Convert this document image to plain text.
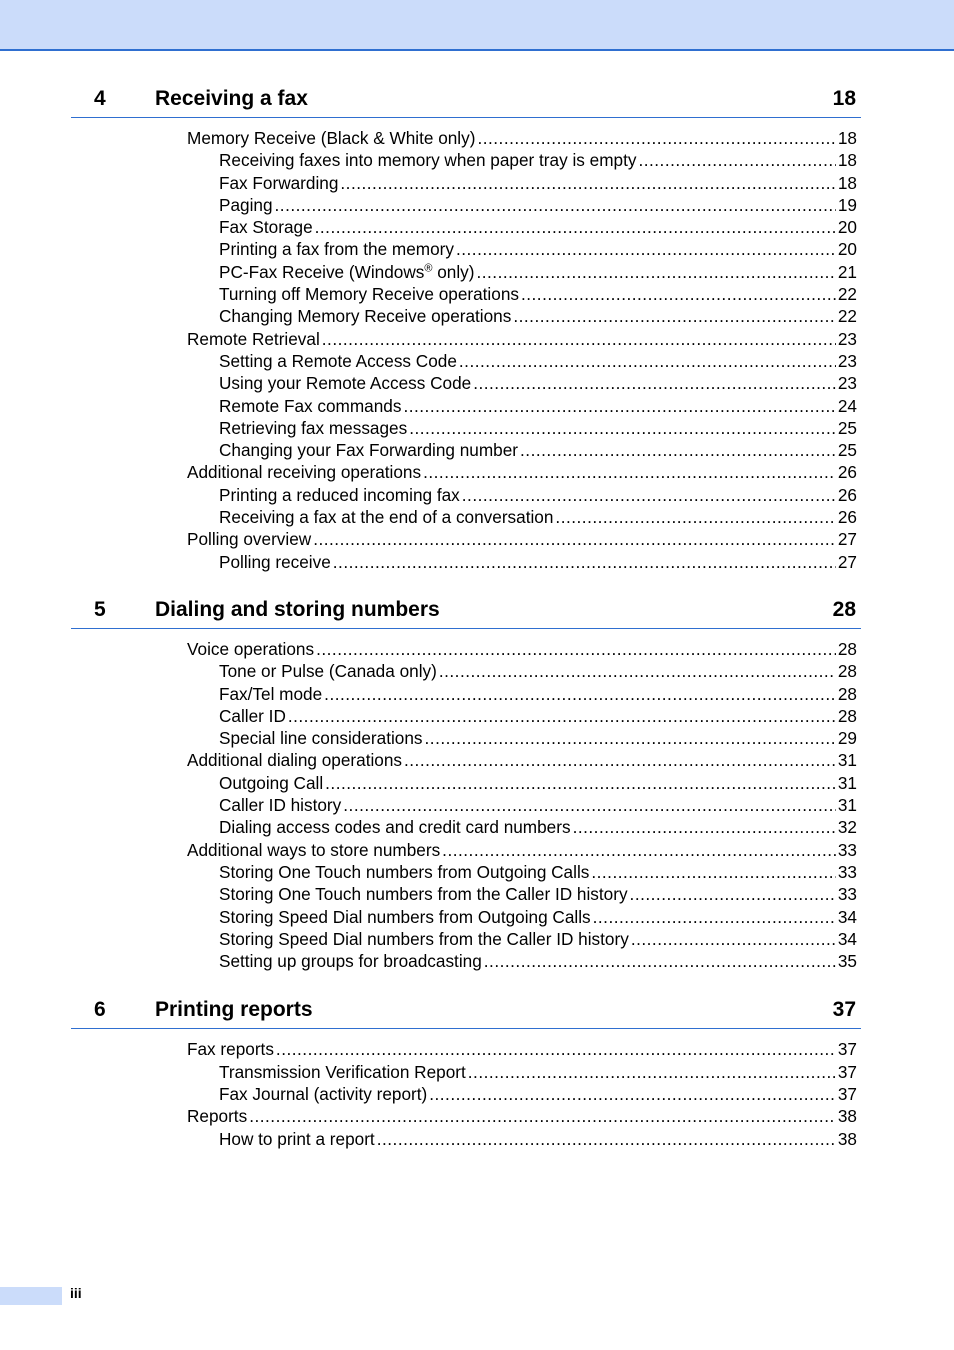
4 Receiving a fax	18
Memory Receive (Black & White only) .....	18
Receiving faxes into memory when paper tray is empty .....	18
Fax Forwarding .....	18
Paging .....	19
Fax Storage .....	20
Printing a fax from the memory .....	20
PC-Fax Receive (Windows® only) .....	21
Turning off Memory Receive operations .....	22
Changing Memory Receive operations .....	22
Remote Retrieval .....	23
Setting a Remote Access Code .....	23
Using your Remote Access Code .....	23
Remote Fax commands .....	24
Retrieving fax messages .....	25
Changing your Fax Forwarding number .....	25
Additional receiving operations .....	26
Printing a reduced incoming fax .....	26
Receiving a fax at the end of a conversation .....	26
Polling overview .....	27
Polling receive .....	27
5 Dialing and storing numbers	28
Voice operations .....	28
Tone or Pulse (Canada only) .....	28
Fax/Tel mode .....	28
Caller ID .....	28
Special line considerations .....	29
Additional dialing operations .....	31
Outgoing Call .....	31
Caller ID history .....	31
Dialing access codes and credit card numbers .....	32
Additional ways to store numbers .....	33
Storing One Touch numbers from Outgoing Calls .....	33
Storing One Touch numbers from the Caller ID history .....	33
Storing Speed Dial numbers from Outgoing Calls .....	34
Storing Speed Dial numbers from the Caller ID history .....	34
Setting up groups for broadcasting .....	35
6 Printing reports	37
Fax reports .....	37
Transmission Verification Report .....	37
Fax Journal (activity report) .....	37
Reports .....	38
How to print a report .....	38
iii
